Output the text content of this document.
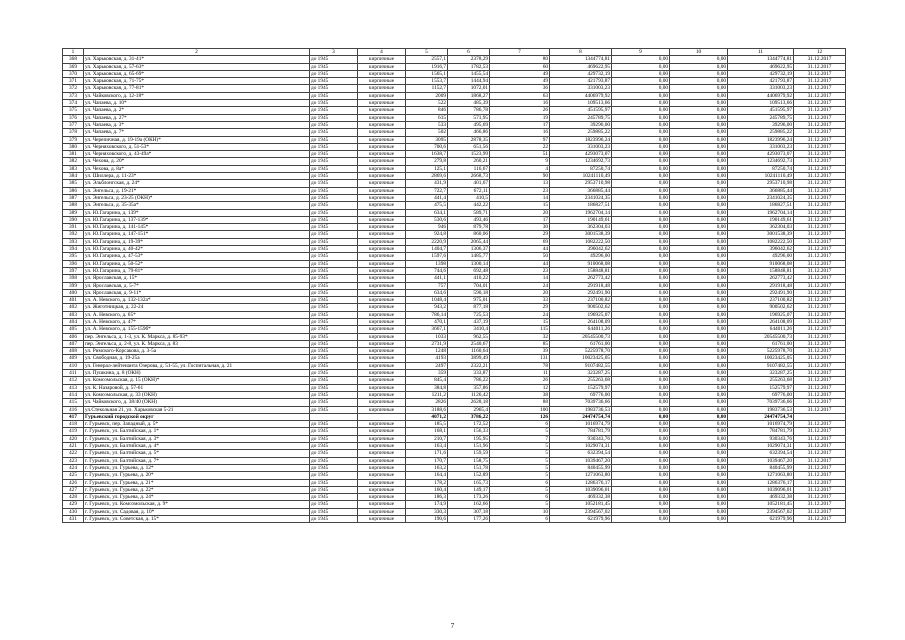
1	2	3	4	5	6	7	8	9	10	11	12
368	ул. Харьковская, д. 31-41*	до 1945	кирпичные	2557,1	2378,29	80	1344774,81	0,00	0,00	1344774,81	31.12.2017
369	ул. Харьковская, д. 57-63*	до 1945	кирпичные	1916,7	1782,53	60	469622,95	0,00	0,00	469622,95	31.12.2017
370	ул. Харьковская, д. 65-69*	до 1945	кирпичные	1565,1	1455,54	49	429732,19	0,00	0,00	429732,19	31.12.2017
371	ул. Харьковская, д. 71-75*	до 1945	кирпичные	1553,7	1444,94	49	421793,87	0,00	0,00	421793,87	31.12.2017
372	ул. Харьковская, д. 77-81*	до 1945	кирпичные	1152,7	1072,01	36	331003,23	0,00	0,00	331003,23	31.12.2017
373	ул. Чайковского, д. 12-18*	до 1945	кирпичные	2009	1868,27	63	4406979,92	0,00	0,00	4406979,92	31.12.2017
374	ул. Чапаева, д. 10*	до 1945	кирпичные	522	485,39	16	109513,66	0,00	0,00	109513,66	31.12.2017
375	ул. Чапаева, д. 2*	до 1945	кирпичные	846	786,78	26	451595,97	0,00	0,00	451595,97	31.12.2017
376	ул. Чапаева, д. 27*	до 1945	кирпичные	615	571,95	19	245789,75	0,00	0,00	245789,75	31.12.2017
377	ул. Чапаева, д. 3*	до 1945	кирпичные	533	495,69	17	39296,00	0,00	0,00	39296,00	31.12.2017
378	ул. Чапаева, д. 7*	до 1945	кирпичные	502	466,86	16	259885,22	0,00	0,00	259885,22	31.12.2017
379	ул. Черепичная, д. 19-19а (ОКН)*	до 1945	кирпичные	3095	2878,35	97	1823996,24	0,00	0,00	1823996,24	31.12.2017
380	ул. Черняховского, д. 51-53*	до 1945	кирпичные	700,6	651,56	22	331003,23	0,00	0,00	331003,23	31.12.2017
381	ул. Черняховского, д. 43-49а*	до 1945	кирпичные	1638,7	1523,99	51	4293073,07	0,00	0,00	4293073,07	31.12.2017
382	ул. Чехова, д. 20*	до 1945	кирпичные	279,8	260,21	9	1234692,73	0,00	0,00	1234692,73	31.12.2017
383	ул. Чехова, д. 8а*	до 1945	кирпичные	125,1	116,67	4	87250,74	0,00	0,00	87250,74	31.12.2017
384	ул. Шиллера, д. 11-23*	до 1945	кирпичные	2869,6	2668,73	90	10241110,49	0,00	0,00	10241110,49	31.12.2017
385	ул. Эльблонгская, д. 24*	до 1945	кирпичные	431,9	401,67	13	2953710,98	0,00	0,00	2953710,98	31.12.2017
386	ул. Энгельса, д. 19-21*	до 1945	кирпичные	722,7	672,11	23	366885,44	0,00	0,00	366885,44	31.12.2017
387	ул. Энгельса, д. 23-25 (ОКН)*	до 1945	кирпичные	441,4	410,5	14	2341024,35	0,00	0,00	2341024,35	31.12.2017
388	ул. Энгельса, д. 35-35а*	до 1945	кирпичные	475,5	442,22	15	186827,51	0,00	0,00	186827,51	31.12.2017
389	ул. Ю.Гагарина, д. 139*	до 1945	кирпичные	634,1	589,71	20	1962704,14	0,00	0,00	1962704,14	31.12.2017
390	ул. Ю.Гагарина, д. 137-139*	до 1945	кирпичные	530,6	493,46	17	190149,61	0,00	0,00	190149,61	31.12.2017
391	ул. Ю.Гагарина, д. 141-145*	до 1945	кирпичные	946	879,78	30	362304,03	0,00	0,00	362304,03	31.12.2017
392	ул. Ю.Гагарина, д. 147-151*	до 1945	кирпичные	924,8	860,06	29	3001538,39	0,00	0,00	3001538,39	31.12.2017
393	ул. Ю.Гагарина, д. 19-39*	до 1945	кирпичные	2220,9	2065,44	69	1082222,50	0,00	0,00	1082222,50	31.12.2017
394	ул. Ю.Гагарина, д. 40-42*	до 1945	кирпичные	1404,7	1306,37	44	396042,62	0,00	0,00	396042,62	31.12.2017
395	ул. Ю.Гагарина, д. 47-53*	до 1945	кирпичные	1597,6	1485,77	50	49296,00	0,00	0,00	49296,00	31.12.2017
396	ул. Ю.Гагарина, д. 50-52*	до 1945	кирпичные	1398	1300,14	44	910068,08	0,00	0,00	910068,08	31.12.2017
397	ул. Ю.Гагарина, д. 79-81*	до 1945	кирпичные	744,6	692,48	23	158848,81	0,00	0,00	158848,81	31.12.2017
398	ул. Ярославская, д. 15*	до 1945	кирпичные	441,1	410,22	14	262773,42	0,00	0,00	262773,42	31.12.2017
399	ул. Ярославская, д. 5-7*	до 1945	кирпичные	757	704,01	24	291918,48	0,00	0,00	291918,48	31.12.2017
400	ул. Ярославская, д. 9-11*	до 1945	кирпичные	634,6	590,18	20	292491,90	0,00	0,00	292491,90	31.12.2017
401	ул. А. Невского, д. 132-132а*	до 1945	кирпичные	1048,4	975,01	33	237100,82	0,00	0,00	237100,82	31.12.2017
402	ул. Жиготницкая, д. 22-24	до 1945	кирпичные	943,2	877,18	29	900502,62	0,00	0,00	900502,62	31.12.2017
403	ул. А. Невского, д. 65*	до 1945	кирпичные	786,14	725,53	24	196925,07	0,00	0,00	196925,07	31.12.2017
404	ул. А. Невского, д. 47*	до 1945	кирпичные	470,1	437,19	15	264108,09	0,00	0,00	264108,09	31.12.2017
405	ул. А. Невского, д. 155-159б*	до 1945	кирпичные	3667,1	3410,4	115	644011,26	0,00	0,00	644011,26	31.12.2017
406	пер. Энгельса, д. 1-3, ул. К. Маркса, д. 85-93*	до 1945	кирпичные	1033	962,55	32	20545500,73	0,00	0,00	20545500,73	31.12.2017
407	пер. Энгельса, д. 2-8, ул. К. Маркса, д. 83	до 1945	кирпичные	2731,9	2540,67	85	61761,00	0,00	0,00	61761,00	31.12.2017
408	ул. Римского-Корсакова, д. 3-5а	до 1945	кирпичные	1248	1160,64	39	5225978,70	0,00	0,00	5225978,70	31.12.2017
409	ул. Свободная, д. 19-25а	до 1945	кирпичные	4193	3899,49	131	10023425,05	0,00	0,00	10023425,05	31.12.2017
410	ул. Генерал-лейтенанта Озерова, д. 51-55, ул. Госпитальная, д. 21	до 1945	кирпичные	2497	2322,21	78	9107482,55	0,00	0,00	9107482,55	31.12.2017
411	ул. Пушкина, д. 8 (ОКН)	до 1945	кирпичные	359	333,87	11	323287,25	0,00	0,00	323287,25	31.12.2017
412	ул. Комсомольская, д. 15 (ОКН)*	до 1945	кирпичные	845,4	786,22	26	255263,68	0,00	0,00	255263,68	31.12.2017
413	ул. К. Назаровой, д. 57-61	до 1945	кирпичные	384,8	357,86	12	152579,97	0,00	0,00	152579,97	31.12.2017
414	ул. Комсомольская, д. 33 (ОКН)	до 1945	кирпичные	1211,2	1126,42	38	69776,00	0,00	0,00	69776,00	31.12.2017
415	ул. Чайковского, д. 38/40 (ОКН)	до 1945	кирпичные	2826	2628,18	88	7039736,66	0,00	0,00	7039736,66	31.12.2017
416	ул.Стекольная 21, ул. Харьковская 5-21	до 1945	кирпичные	3188,6	2965,4	100	1983736,53	0,00	0,00	1983736,53	31.12.2017
417	Гурьевский городской округ			4071,2	3786,22	126	24474754,74	0,00	0,00	24474754,74	
418	г. Гурьевск, пер. Западный, д. 5*	до 1945	кирпичные	185,5	172,52	6	1016974,79	0,00	0,00	1016974,79	31.12.2017
419	г. Гурьевск, ул. Балтийская, д. 1*	до 1945	кирпичные	168,1	156,33	5	784781,79	0,00	0,00	784781,79	31.12.2017
420	г. Гурьевск, ул. Балтийская, д. 3*	до 1945	кирпичные	210,7	195,95	7	930343,76	0,00	0,00	930343,76	31.12.2017
421	г. Гурьевск, ул. Балтийская, д. 4*	до 1945	кирпичные	163,4	151,96	5	1029074,31	0,00	0,00	1029074,31	31.12.2017
422	г. Гурьевск, ул. Балтийская, д. 5*	до 1945	кирпичные	171,6	159,59	5	632394,54	0,00	0,00	632394,54	31.12.2017
423	г. Гурьевск, ул. Балтийская, д. 7*	до 1945	кирпичные	170,7	158,75	5	1039467,20	0,00	0,00	1039467,20	31.12.2017
424	г. Гурьевск, ул. Гурьева, д. 12*	до 1945	кирпичные	163,2	151,78	5	840455,99	0,00	0,00	840455,99	31.12.2017
425	г. Гурьевск, ул. Гурьева, д. 20*	до 1945	кирпичные	164,4	152,89	5	1271063,80	0,00	0,00	1271063,80	31.12.2017
426	г. Гурьевск, ул. Гурьева, д. 21*	до 1945	кирпичные	178,2	165,73	6	1286376,17	0,00	0,00	1286376,17	31.12.2017
427	г. Гурьевск, ул. Гурьева, д. 22*	до 1945	кирпичные	160,4	149,17	5	1039096,01	0,00	0,00	1039096,01	31.12.2017
428	г. Гурьевск, ул. Гурьева, д. 24*	до 1945	кирпичные	186,3	173,26	6	469332,38	0,00	0,00	469332,38	31.12.2017
429	г. Гурьевск, ул. Комсомольская, д. 9*	до 1945	кирпичные	174,9	162,66	5	1052181,45	0,00	0,00	1052181,45	31.12.2017
430	г. Гурьевск, ул. Садовая, д. 10*	до 1945	кирпичные	330,3	307,18	10	2394567,02	0,00	0,00	2394567,02	31.12.2017
431	г. Гурьевск, ул. Советская, д. 15*	до 1945	кирпичные	190,6	177,26	6	621979,96	0,00	0,00	621979,96	31.12.2017
7
